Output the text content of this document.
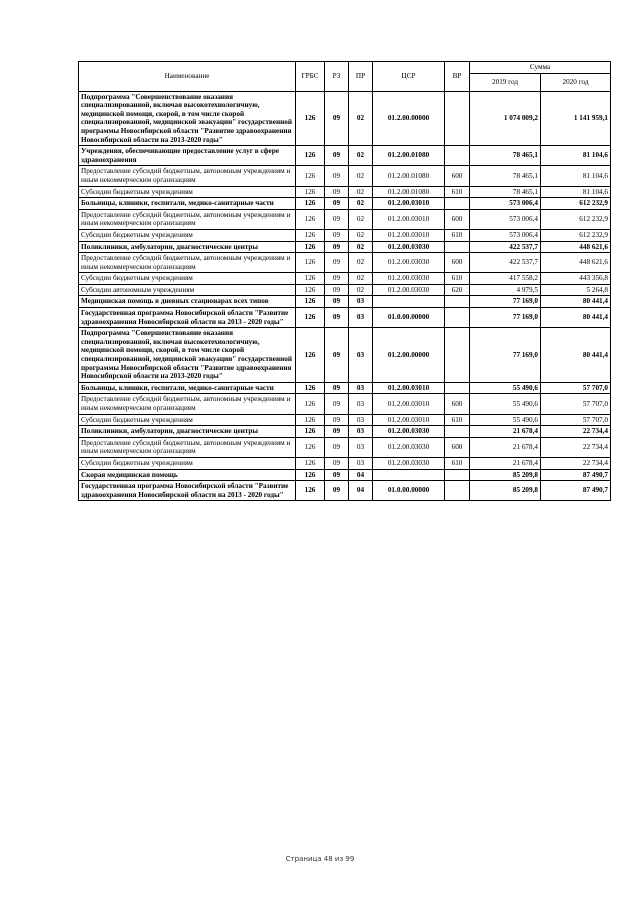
Наименование	ГРБС	РЗ	ПР	ЦСР	ВР	Сумма	
						2019 год	2020 год
Подпрограмма "Совершенствование оказания специализированной, включая высокотехнологичную, медицинской помощи, скорой, в том числе скорой специализированной, медицинской эвакуации" государственной программы Новосибирской области "Развитие здравоохранения Новосибирской области на 2013-2020 годы"	126	09	02	01.2.00.00000		1 074 009,2	1 141 959,1
Учреждения, обеспечивающие предоставление услуг в сфере здравоохранения	126	09	02	01.2.00.01080		78 465,1	81 104,6
Предоставление субсидий бюджетным, автономным учреждениям и иным некоммерческим организациям	126	09	02	01.2.00.01080	600	78 465,1	81 104,6
Субсидии бюджетным учреждениям	126	09	02	01.2.00.01080	610	78 465,1	81 104,6
Больницы, клиники, госпитали, медико-санитарные части	126	09	02	01.2.00.03010		573 006,4	612 232,9
Предоставление субсидий бюджетным, автономным учреждениям и иным некоммерческим организациям	126	09	02	01.2.00.03010	600	573 006,4	612 232,9
Субсидии бюджетным учреждениям	126	09	02	01.2.00.03010	610	573 006,4	612 232,9
Поликлиники, амбулатории, диагностические центры	126	09	02	01.2.00.03030		422 537,7	448 621,6
Предоставление субсидий бюджетным, автономным учреждениям и иным некоммерческим организациям	126	09	02	01.2.00.03030	600	422 537,7	448 621,6
Субсидии бюджетным учреждениям	126	09	02	01.2.00.03030	610	417 558,2	443 356,8
Субсидии автономным учреждениям	126	09	02	01.2.00.03030	620	4 979,5	5 264,8
Медицинская помощь в дневных стационарах всех типов	126	09	03			77 169,0	80 441,4
Государственная программа Новосибирской области "Развитие здравоохранения Новосибирской области на 2013 - 2020 годы"	126	09	03	01.0.00.00000		77 169,0	80 441,4
Подпрограмма "Совершенствование оказания специализированной, включая высокотехнологичную, медицинской помощи, скорой, в том числе скорой специализированной, медицинской эвакуации" государственной программы Новосибирской области "Развитие здравоохранения Новосибирской области на 2013-2020 годы"	126	09	03	01.2.00.00000		77 169,0	80 441,4
Больницы, клиники, госпитали, медико-санитарные части	126	09	03	01.2.00.03010		55 490,6	57 707,0
Предоставление субсидий бюджетным, автономным учреждениям и иным некоммерческим организациям	126	09	03	01.2.00.03010	600	55 490,6	57 707,0
Субсидии бюджетным учреждениям	126	09	03	01.2.00.03010	610	55 490,6	57 707,0
Поликлиники, амбулатории, диагностические центры	126	09	03	01.2.00.03030		21 678,4	22 734,4
Предоставление субсидий бюджетным, автономным учреждениям и иным некоммерческим организациям	126	09	03	01.2.00.03030	600	21 678,4	22 734,4
Субсидии бюджетным учреждениям	126	09	03	01.2.00.03030	610	21 678,4	22 734,4
Скорая медицинская помощь	126	09	04			85 209,8	87 490,7
Государственная программа Новосибирской области "Развитие здравоохранения Новосибирской области на 2013 - 2020 годы"	126	09	04	01.0.00.00000		85 209,8	87 490,7
Страница 48 из 99
